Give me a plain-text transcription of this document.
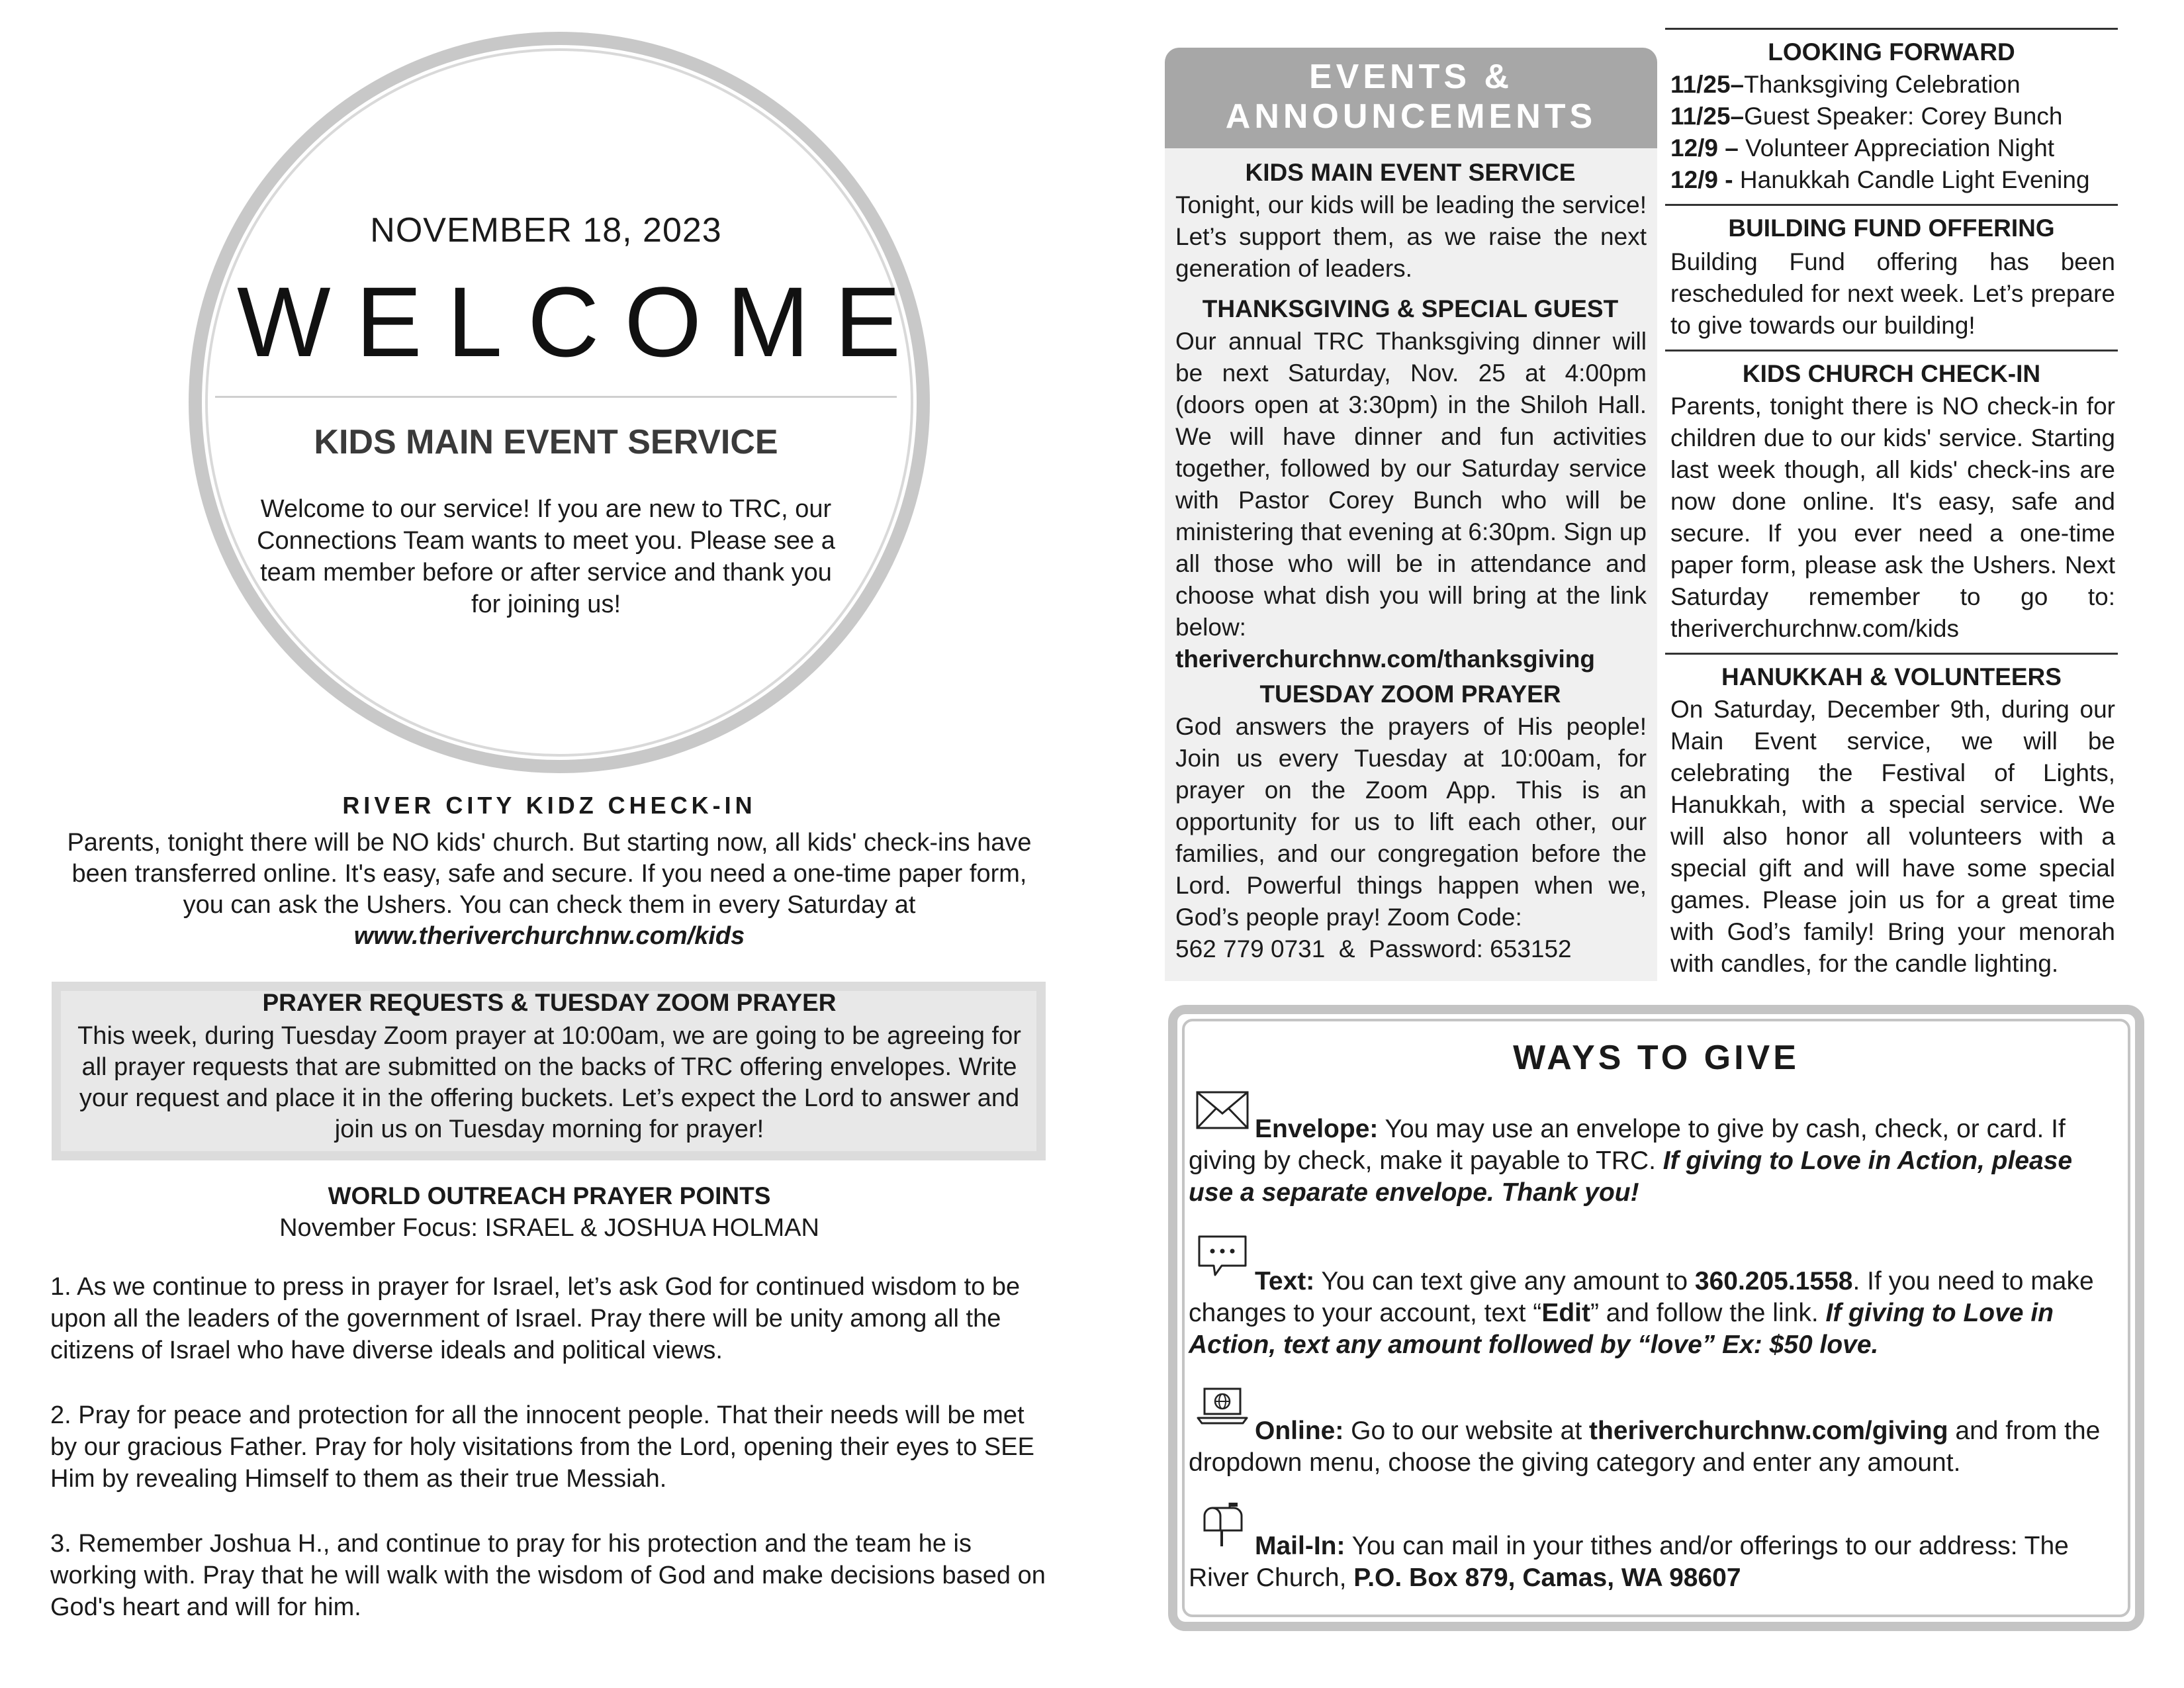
NOVEMBER 18, 2023
WELCOME
KIDS MAIN EVENT SERVICE
Welcome to our service! If you are new to TRC, our Connections Team wants to meet you. Please see a team member before or after service and thank you for joining us!
RIVER CITY KIDZ CHECK-IN
Parents, tonight there will be NO kids' church. But starting now, all kids' check-ins have been transferred online. It's easy, safe and secure. If you need a one-time paper form, you can ask the Ushers. You can check them in every Saturday at
www.theriverchurchnw.com/kids
PRAYER REQUESTS & TUESDAY ZOOM PRAYER
This week, during Tuesday Zoom prayer at 10:00am, we are going to be agreeing for all prayer requests that are submitted on the backs of TRC offering envelopes. Write your request and place it in the offering buckets. Let’s expect the Lord to answer and join us on Tuesday morning for prayer!
WORLD OUTREACH PRAYER POINTS
November Focus: ISRAEL & JOSHUA HOLMAN
1. As we continue to press in prayer for Israel, let’s ask God for continued wisdom to be upon all the leaders of the government of Israel. Pray there will be unity among all the citizens of Israel who have diverse ideals and political views.
2. Pray for peace and protection for all the innocent people. That their needs will be met by our gracious Father. Pray for holy visitations from the Lord, opening their eyes to SEE Him by revealing Himself to them as their true Messiah.
3. Remember Joshua H., and continue to pray for his protection and the team he is working with. Pray that he will walk with the wisdom of God and make decisions based on God's heart and will for him.
EVENTS &
ANNOUNCEMENTS
KIDS MAIN EVENT SERVICE
Tonight, our kids will be leading the service! Let’s support them, as we raise the next generation of leaders.
THANKSGIVING & SPECIAL GUEST
Our annual TRC Thanksgiving dinner will be next Saturday, Nov. 25 at 4:00pm (doors open at 3:30pm) in the Shiloh Hall. We will have dinner and fun activities together, followed by our Saturday service with Pastor Corey Bunch who will be ministering that evening at 6:30pm. Sign up all those who will be in attendance and choose what dish you will bring at the link below: theriverchurchnw.com/thanksgiving
TUESDAY ZOOM PRAYER
God answers the prayers of His people! Join us every Tuesday at 10:00am, for prayer on the Zoom App. This is an opportunity for us to lift each other, our families, and our congregation before the Lord. Powerful things happen when we, God’s people pray! Zoom Code:
562 779 0731  &  Password: 653152
LOOKING FORWARD
11/25–Thanksgiving Celebration
11/25–Guest Speaker: Corey Bunch
12/9 – Volunteer Appreciation Night
12/9 - Hanukkah Candle Light Evening
BUILDING FUND OFFERING
Building Fund offering has been rescheduled for next week. Let’s prepare to give towards our building!
KIDS CHURCH CHECK-IN
Parents, tonight there is NO check-in for children due to our kids' service. Starting last week though, all kids' check-ins are now done online. It's easy, safe and secure. If you ever need a one-time paper form, please ask the Ushers. Next Saturday remember to go to: theriverchurchnw.com/kids
HANUKKAH & VOLUNTEERS
On Saturday, December 9th, during our Main Event service, we will be celebrating the Festival of Lights, Hanukkah, with a special service. We will also honor all volunteers with a special gift and will have some special games. Please join us for a great time with God’s family! Bring your menorah with candles, for the candle lighting.
WAYS TO GIVE
Envelope: You may use an envelope to give by cash, check, or card. If giving by check, make it payable to TRC. If giving to Love in Action, please use a separate envelope. Thank you!
Text: You can text give any amount to 360.205.1558. If you need to make changes to your account, text “Edit” and follow the link. If giving to Love in Action, text any amount followed by “love” Ex: $50 love.
Online: Go to our website at theriverchurchnw.com/giving and from the dropdown menu, choose the giving category and enter any amount.
Mail-In: You can mail in your tithes and/or offerings to our address: The River Church, P.O. Box 879, Camas, WA 98607
